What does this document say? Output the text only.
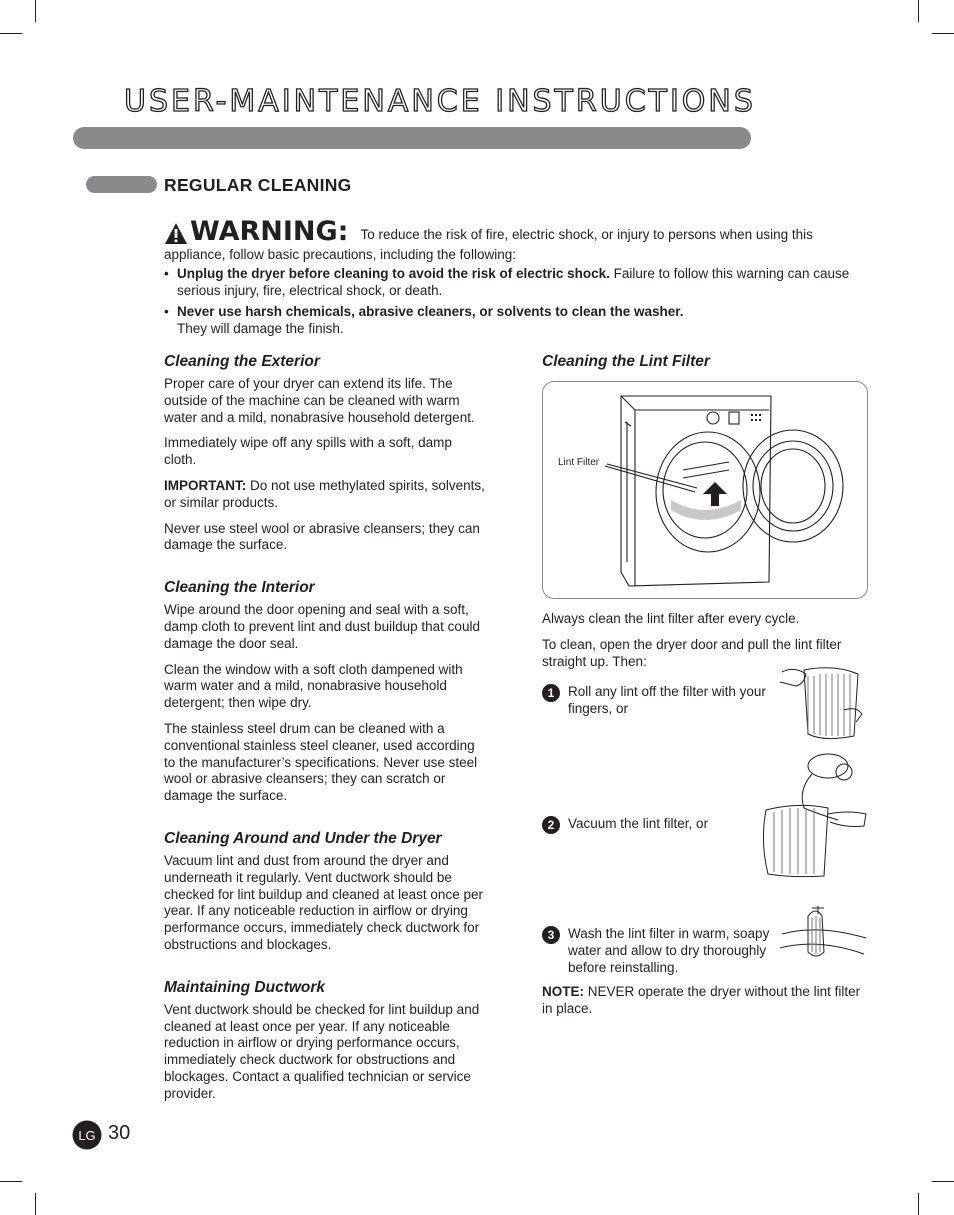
USER-MAINTENANCE INSTRUCTIONS
REGULAR CLEANING
WARNING: To reduce the risk of fire, electric shock, or injury to persons when using this
appliance, follow basic precautions, including the following:
• Unplug the dryer before cleaning to avoid the risk of electric shock. Failure to follow this warning can cause serious injury, fire, electrical shock, or death.
• Never use harsh chemicals, abrasive cleaners, or solvents to clean the washer.
They will damage the finish.
Cleaning the Exterior
Proper care of your dryer can extend its life. The outside of the machine can be cleaned with warm water and a mild, nonabrasive household detergent.
Immediately wipe off any spills with a soft, damp cloth.
IMPORTANT: Do not use methylated spirits, solvents, or similar products.
Never use steel wool or abrasive cleansers; they can damage the surface.
Cleaning the Interior
Wipe around the door opening and seal with a soft, damp cloth to prevent lint and dust buildup that could damage the door seal.
Clean the window with a soft cloth dampened with warm water and a mild, nonabrasive household detergent; then wipe dry.
The stainless steel drum can be cleaned with a conventional stainless steel cleaner, used according to the manufacturer’s specifications. Never use steel wool or abrasive cleansers; they can scratch or damage the surface.
Cleaning Around and Under the Dryer
Vacuum lint and dust from around the dryer and underneath it regularly. Vent ductwork should be checked for lint buildup and cleaned at least once per year. If any noticeable reduction in airflow or drying performance occurs, immediately check ductwork for obstructions and blockages.
Maintaining Ductwork
Vent ductwork should be checked for lint buildup and cleaned at least once per year. If any noticeable reduction in airflow or drying performance occurs, immediately check ductwork for obstructions and blockages. Contact a qualified technician or service provider.
Cleaning the Lint Filter
Lint Filter
Always clean the lint filter after every cycle.
To clean, open the dryer door and pull the lint filter straight up. Then:
1	Roll any lint off the filter with your fingers, or
2	Vacuum the lint filter, or
3	Wash the lint filter in warm, soapy water and allow to dry thoroughly before reinstalling.
NOTE: NEVER operate the dryer without the lint filter in place.
LG 30
